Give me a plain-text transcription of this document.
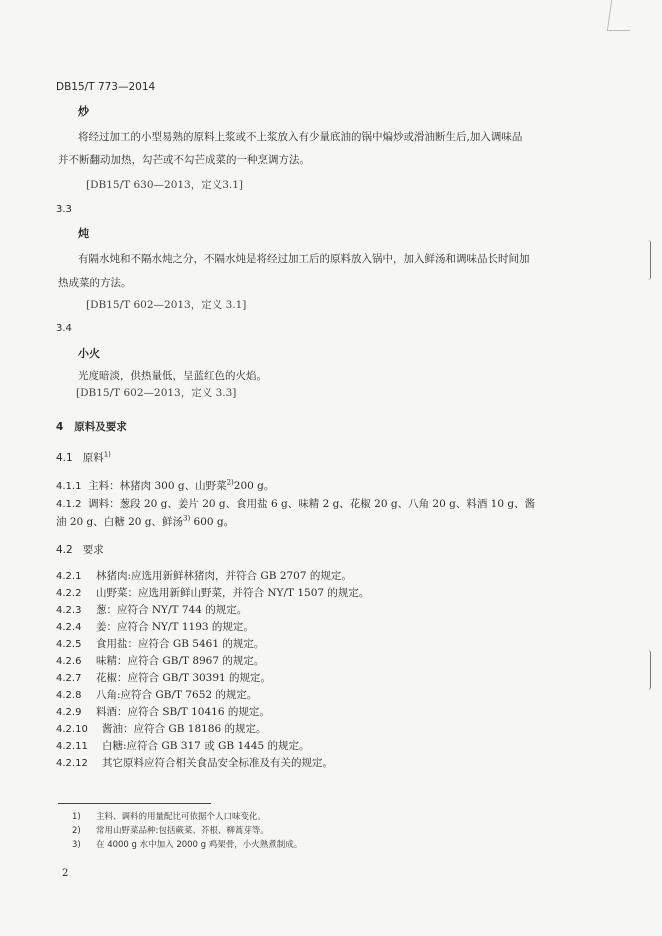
DB15/T 773—2014
炒
将经过加工的小型易熟的原料上浆或不上浆放入有少量底油的锅中煸炒或滑油断生后,加入调味品
并不断翻动加热，勾芒或不勾芒成菜的一种烹调方法。
[DB15/T 630—2013，定义3.1]
3.3
炖
有隔水炖和不隔水炖之分，不隔水炖是将经过加工后的原料放入锅中，加入鲜汤和调味品长时间加
热成菜的方法。
[DB15/T 602—2013，定义 3.1]
3.4
小火
光度暗淡，供热量低，呈蓝红色的火焰。
[DB15/T 602—2013，定义 3.3]
4 原料及要求
4.1 原料$^{1)}$
4.1.1 主料：林猪肉 300 g、山野菜$^{2)}$200 g。
4.1.2 调料：葱段 20 g、姜片 20 g、食用盐 6 g、味精 2 g、花椒 20 g、八角 20 g、料酒 10 g、酱
油 20 g、白糖 20 g、鲜汤$^{3)}$ 600 g。
4.2 要求
4.2.1 林猪肉:应选用新鲜林猪肉，并符合 GB 2707 的规定。
4.2.2 山野菜：应选用新鲜山野菜，并符合 NY/T 1507 的规定。
4.2.3 葱：应符合 NY/T 744 的规定。
4.2.4 姜：应符合 NY/T 1193 的规定。
4.2.5 食用盐：应符合 GB 5461 的规定。
4.2.6 味精：应符合 GB/T 8967 的规定。
4.2.7 花椒：应符合 GB/T 30391 的规定。
4.2.8 八角:应符合 GB/T 7652 的规定。
4.2.9 料酒：应符合 SB/T 10416 的规定。
4.2.10 酱油：应符合 GB 18186 的规定。
4.2.11 白糖:应符合 GB 317 或 GB 1445 的规定。
4.2.12 其它原料应符合相关食品安全标准及有关的规定。
1) 主料、调料的用量配比可依据个人口味变化。
2) 常用山野菜品种:包括蕨菜、芥根、柳蒿芽等。
3) 在 4000 g 水中加入 2000 g 鸡架骨，小火熟煮制成。
2
